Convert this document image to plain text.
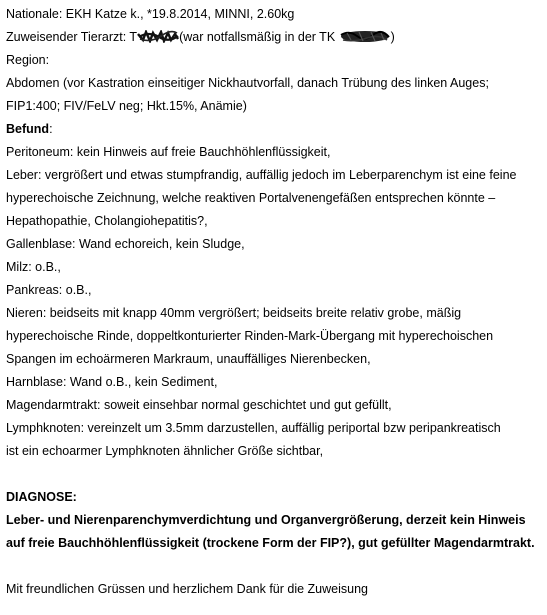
Nationale: EKH Katze k., *19.8.2014, MINNI, 2.60kg
Zuweisender Tierarzt: T	(war notfallsmäßig in der TK	)
Region:
Abdomen (vor Kastration einseitiger Nickhautvorfall, danach Trübung des linken Auges;
FIP1:400; FIV/FeLV neg; Hkt.15%, Anämie)
Befund:
Peritoneum: kein Hinweis auf freie Bauchhöhlenflüssigkeit,
Leber: vergrößert und etwas stumpfrandig, auffällig jedoch im Leberparenchym ist eine feine
hyperechoische Zeichnung, welche reaktiven Portalvenengefäßen entsprechen könnte –
Hepathopathie, Cholangiohepatitis?,
Gallenblase: Wand echoreich, kein Sludge,
Milz: o.B.,
Pankreas: o.B.,
Nieren: beidseits mit knapp 40mm vergrößert; beidseits breite relativ grobe, mäßig
hyperechoische Rinde, doppeltkonturierter Rinden-Mark-Übergang mit hyperechoischen
Spangen im echoärmeren Markraum, unauffälliges Nierenbecken,
Harnblase: Wand o.B., kein Sediment,
Magendarmtrakt: soweit einsehbar normal geschichtet und gut gefüllt,
Lymphknoten: vereinzelt um 3.5mm darzustellen, auffällig periportal bzw peripankreatisch
ist ein echoarmer Lymphknoten ähnlicher Größe sichtbar,
DIAGNOSE:
Leber- und Nierenparenchymverdichtung und Organvergrößerung, derzeit kein Hinweis
auf freie Bauchhöhlenflüssigkeit (trockene Form der FIP?), gut gefüllter Magendarmtrakt.
Mit freundlichen Grüssen und herzlichem Dank für die Zuweisung
